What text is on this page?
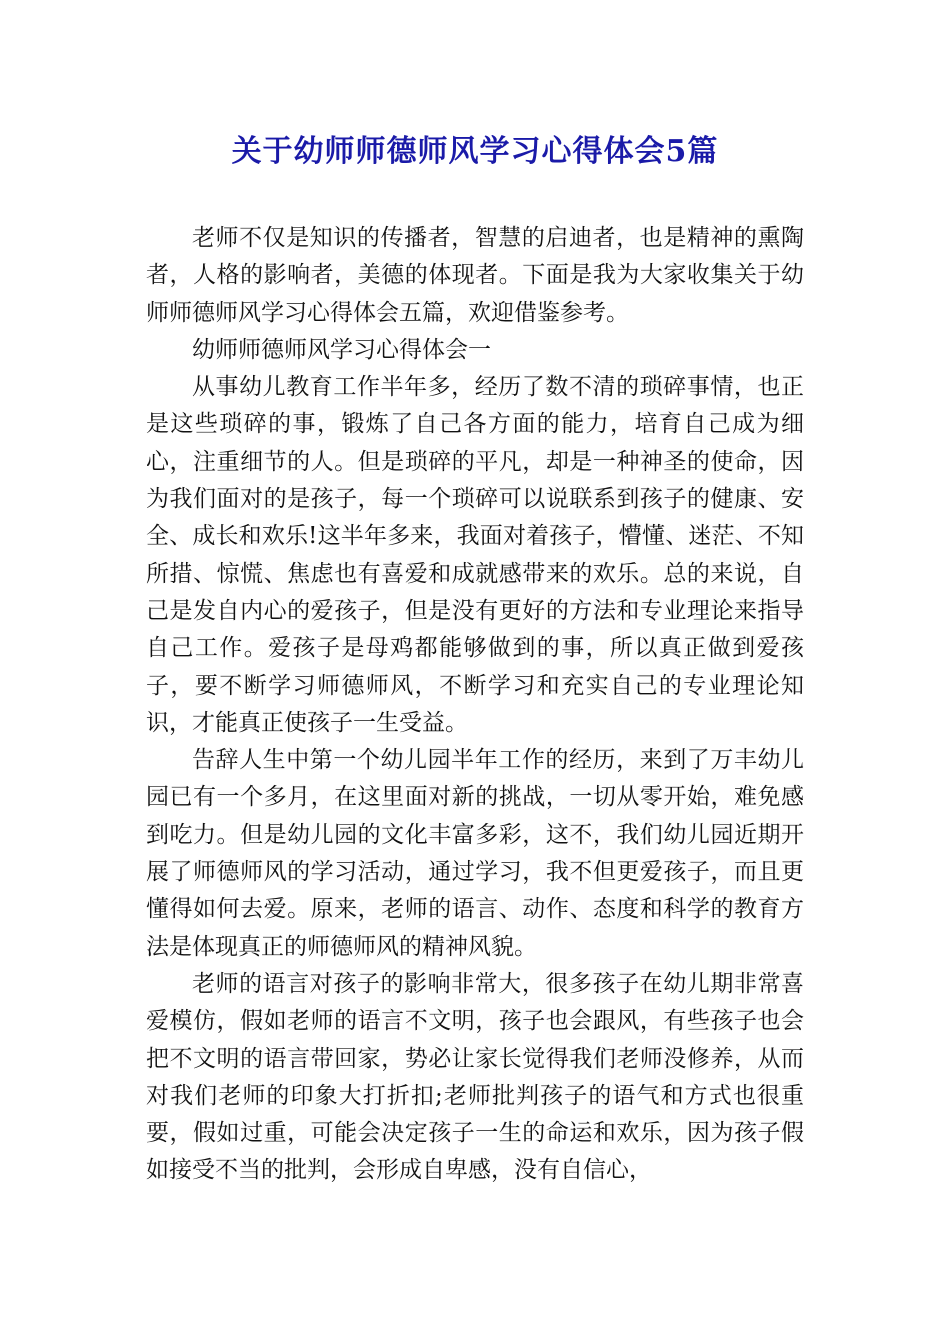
关于幼师师德师风学习心得体会5篇

老师不仅是知识的传播者，智慧的启迪者，也是精神的熏陶者，人格的影响者，美德的体现者。下面是我为大家收集关于幼师师德师风学习心得体会五篇，欢迎借鉴参考。

幼师师德师风学习心得体会一

从事幼儿教育工作半年多，经历了数不清的琐碎事情，也正是这些琐碎的事，锻炼了自己各方面的能力，培育自己成为细心，注重细节的人。但是琐碎的平凡，却是一种神圣的使命，因为我们面对的是孩子，每一个琐碎可以说联系到孩子的健康、安全、成长和欢乐!这半年多来，我面对着孩子，懵懂、迷茫、不知所措、惊慌、焦虑也有喜爱和成就感带来的欢乐。总的来说，自己是发自内心的爱孩子，但是没有更好的方法和专业理论来指导自己工作。爱孩子是母鸡都能够做到的事，所以真正做到爱孩子，要不断学习师德师风，不断学习和充实自己的专业理论知识，才能真正使孩子一生受益。

告辞人生中第一个幼儿园半年工作的经历，来到了万丰幼儿园已有一个多月，在这里面对新的挑战，一切从零开始，难免感到吃力。但是幼儿园的文化丰富多彩，这不，我们幼儿园近期开展了师德师风的学习活动，通过学习，我不但更爱孩子，而且更懂得如何去爱。原来，老师的语言、动作、态度和科学的教育方法是体现真正的师德师风的精神风貌。

老师的语言对孩子的影响非常大，很多孩子在幼儿期非常喜爱模仿，假如老师的语言不文明，孩子也会跟风，有些孩子也会把不文明的语言带回家，势必让家长觉得我们老师没修养，从而对我们老师的印象大打折扣;老师批判孩子的语气和方式也很重要，假如过重，可能会决定孩子一生的命运和欢乐，因为孩子假如接受不当的批判，会形成自卑感，没有自信心，
